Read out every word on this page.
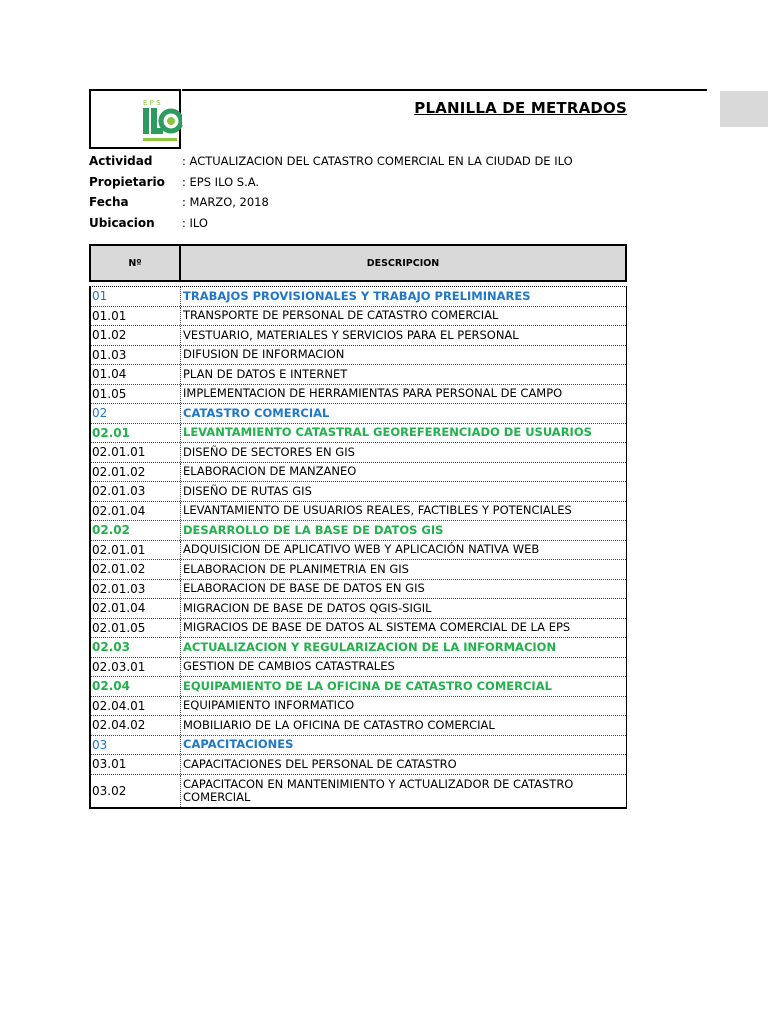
E P S	PLANILLA DE METRADOS
Actividad	: ACTUALIZACION DEL CATASTRO COMERCIAL EN LA CIUDAD DE ILO
Propietario	: EPS ILO S.A.
Fecha	: MARZO, 2018
Ubicacion	: ILO
Nº	DESCRIPCION
01	TRABAJOS PROVISIONALES Y TRABAJO PRELIMINARES
01.01	TRANSPORTE DE PERSONAL DE CATASTRO COMERCIAL
01.02	VESTUARIO, MATERIALES Y SERVICIOS PARA EL PERSONAL
01.03	DIFUSION DE INFORMACION
01.04	PLAN DE DATOS E INTERNET
01.05	IMPLEMENTACION DE HERRAMIENTAS PARA PERSONAL DE CAMPO
02	CATASTRO COMERCIAL
02.01	LEVANTAMIENTO CATASTRAL GEOREFERENCIADO DE USUARIOS
02.01.01	DISEÑO DE SECTORES EN GIS
02.01.02	ELABORACION DE MANZANEO
02.01.03	DISEÑO DE RUTAS GIS
02.01.04	LEVANTAMIENTO DE USUARIOS REALES, FACTIBLES Y POTENCIALES
02.02	DESARROLLO DE LA BASE DE DATOS GIS
02.01.01	ADQUISICION DE APLICATIVO WEB Y APLICACIÓN NATIVA WEB
02.01.02	ELABORACION DE PLANIMETRIA EN GIS
02.01.03	ELABORACION DE BASE DE DATOS EN GIS
02.01.04	MIGRACION DE BASE DE DATOS QGIS-SIGIL
02.01.05	MIGRACIOS DE BASE DE DATOS AL SISTEMA COMERCIAL DE LA EPS
02.03	ACTUALIZACION Y REGULARIZACION DE LA INFORMACION
02.03.01	GESTION DE CAMBIOS CATASTRALES
02.04	EQUIPAMIENTO DE LA OFICINA DE CATASTRO COMERCIAL
02.04.01	EQUIPAMIENTO INFORMATICO
02.04.02	MOBILIARIO DE LA OFICINA DE CATASTRO COMERCIAL
03	CAPACITACIONES
03.01	CAPACITACIONES DEL PERSONAL DE CATASTRO
03.02	CAPACITACON EN MANTENIMIENTO Y ACTUALIZADOR DE CATASTRO COMERCIAL
